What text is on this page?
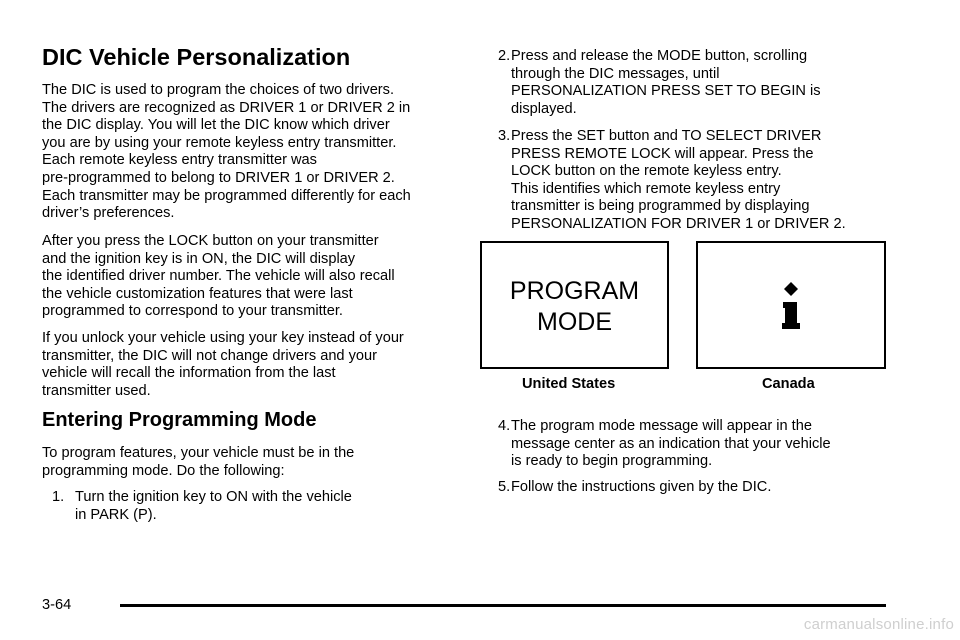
DIC Vehicle Personalization
The DIC is used to program the choices of two drivers.
The drivers are recognized as DRIVER 1 or DRIVER 2 in
the DIC display. You will let the DIC know which driver
you are by using your remote keyless entry transmitter.
Each remote keyless entry transmitter was
pre-programmed to belong to DRIVER 1 or DRIVER 2.
Each transmitter may be programmed differently for each
driver’s preferences.
After you press the LOCK button on your transmitter
and the ignition key is in ON, the DIC will display
the identified driver number. The vehicle will also recall
the vehicle customization features that were last
programmed to correspond to your transmitter.
If you unlock your vehicle using your key instead of your
transmitter, the DIC will not change drivers and your
vehicle will recall the information from the last
transmitter used.
Entering Programming Mode
To program features, your vehicle must be in the
programming mode. Do the following:
1. Turn the ignition key to ON with the vehicle
in PARK (P).
2. Press and release the MODE button, scrolling
through the DIC messages, until
PERSONALIZATION PRESS SET TO BEGIN is
displayed.
3. Press the SET button and TO SELECT DRIVER
PRESS REMOTE LOCK will appear. Press the
LOCK button on the remote keyless entry.
This identifies which remote keyless entry
transmitter is being programmed by displaying
PERSONALIZATION FOR DRIVER 1 or DRIVER 2.
PROGRAM
MODE
United States	Canada
4. The program mode message will appear in the
message center as an indication that your vehicle
is ready to begin programming.
5. Follow the instructions given by the DIC.
3-64
carmanualsonline.info
